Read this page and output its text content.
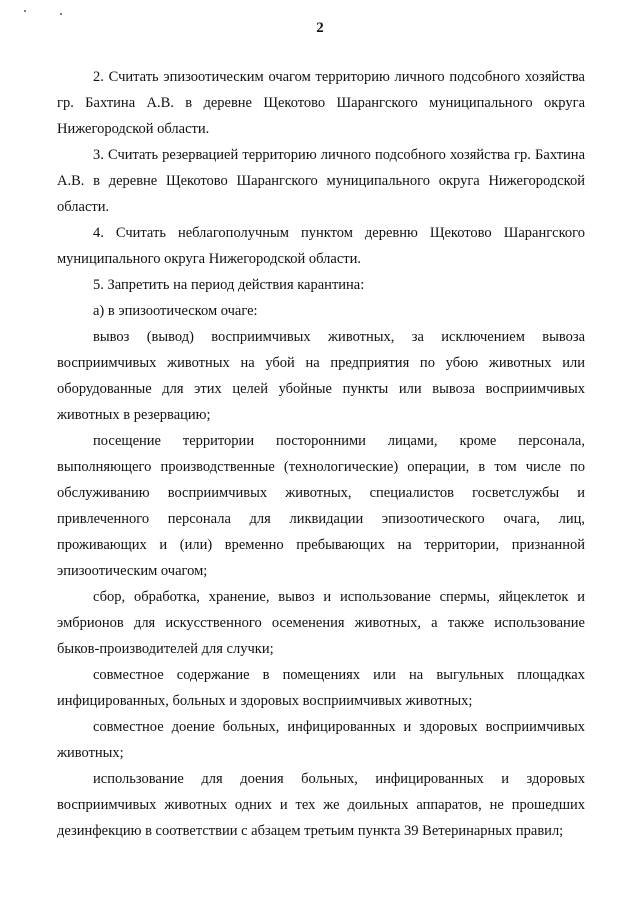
2

2. Считать эпизоотическим очагом территорию личного подсобного хозяйства гр. Бахтина А.В. в деревне Щекотово Шарангского муниципального округа Нижегородской области.

3. Считать резервацией территорию личного подсобного хозяйства гр. Бахтина А.В. в деревне Щекотово Шарангского муниципального округа Нижегородской области.

4. Считать неблагополучным пунктом деревню Щекотово Шарангского муниципального округа Нижегородской области.

5. Запретить на период действия карантина:

а) в эпизоотическом очаге:

вывоз (вывод) восприимчивых животных, за исключением вывоза восприимчивых животных на убой на предприятия по убою животных или оборудованные для этих целей убойные пункты или вывоза восприимчивых животных в резервацию;

посещение территории посторонними лицами, кроме персонала, выполняющего производственные (технологические) операции, в том числе по обслуживанию восприимчивых животных, специалистов госветслужбы и привлеченного персонала для ликвидации эпизоотического очага, лиц, проживающих и (или) временно пребывающих на территории, признанной эпизоотическим очагом;

сбор, обработка, хранение, вывоз и использование спермы, яйцеклеток и эмбрионов для искусственного осеменения животных, а также использование быков-производителей для случки;

совместное содержание в помещениях или на выгульных площадках инфицированных, больных и здоровых восприимчивых животных;

совместное доение больных, инфицированных и здоровых восприимчивых животных;

использование для доения больных, инфицированных и здоровых восприимчивых животных одних и тех же доильных аппаратов, не прошедших дезинфекцию в соответствии с абзацем третьим пункта 39 Ветеринарных правил;
